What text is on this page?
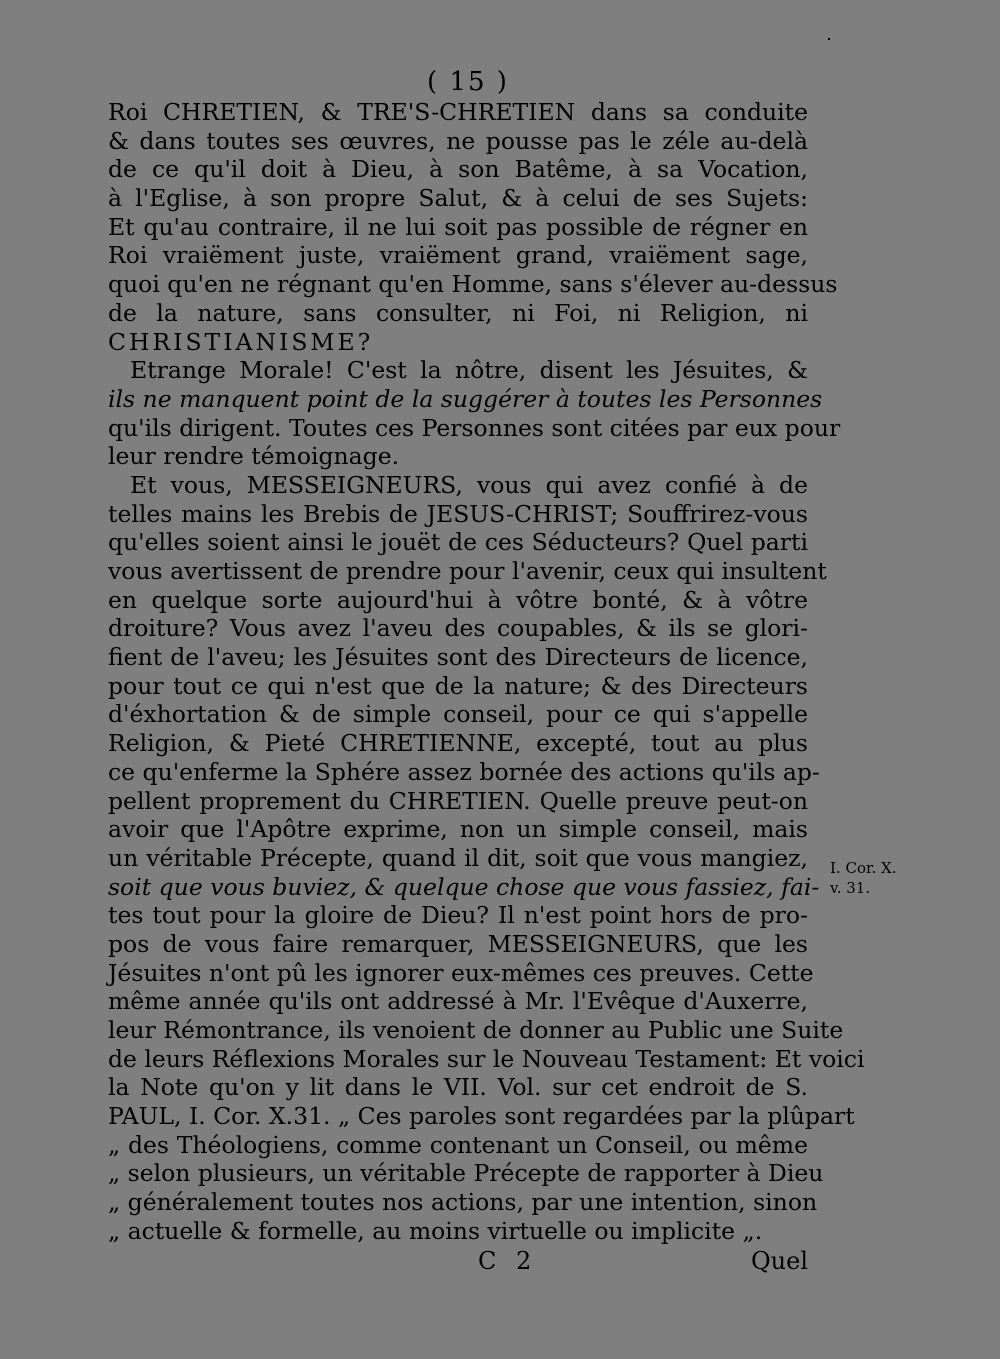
( 15 )
Roi CHRETIEN, & TRE'S-CHRETIEN dans sa conduite
& dans toutes ses œuvres, ne pousse pas le zéle au-delà
de ce qu'il doit à Dieu, à son Batême, à sa Vocation,
à l'Eglise, à son propre Salut, & à celui de ses Sujets:
Et qu'au contraire, il ne lui soit pas possible de régner en
Roi vraiëment juste, vraiëment grand, vraiëment sage,
quoi qu'en ne régnant qu'en Homme, sans s'élever au-dessus
de la nature, sans consulter, ni Foi, ni Religion, ni
CHRISTIANISME?
Etrange Morale! C'est la nôtre, disent les Jésuites, &
ils ne manquent point de la suggérer à toutes les Personnes
qu'ils dirigent. Toutes ces Personnes sont citées par eux pour
leur rendre témoignage.
Et vous, MESSEIGNEURS, vous qui avez confié à de
telles mains les Brebis de JESUS-CHRIST; Souffrirez-vous
qu'elles soient ainsi le jouët de ces Séducteurs? Quel parti
vous avertissent de prendre pour l'avenir, ceux qui insultent
en quelque sorte aujourd'hui à vôtre bonté, & à vôtre
droiture? Vous avez l'aveu des coupables, & ils se glori-
fient de l'aveu; les Jésuites sont des Directeurs de licence,
pour tout ce qui n'est que de la nature; & des Directeurs
d'éxhortation & de simple conseil, pour ce qui s'appelle
Religion, & Pieté CHRETIENNE, excepté, tout au plus
ce qu'enferme la Sphére assez bornée des actions qu'ils ap-
pellent proprement du CHRETIEN. Quelle preuve peut-on
avoir que l'Apôtre exprime, non un simple conseil, mais
un véritable Précepte, quand il dit, soit que vous mangiez,
soit que vous buviez, & quelque chose que vous fassiez, fai-
tes tout pour la gloire de Dieu? Il n'est point hors de pro-
pos de vous faire remarquer, MESSEIGNEURS, que les
Jésuites n'ont pû les ignorer eux-mêmes ces preuves. Cette
même année qu'ils ont addressé à Mr. l'Evêque d'Auxerre,
leur Rémontrance, ils venoient de donner au Public une Suite
de leurs Réflexions Morales sur le Nouveau Testament: Et voici
la Note qu'on y lit dans le VII. Vol. sur cet endroit de S.
PAUL, I. Cor. X.31. „ Ces paroles sont regardées par la plûpart
„ des Théologiens, comme contenant un Conseil, ou même
„ selon plusieurs, un véritable Précepte de rapporter à Dieu
„ généralement toutes nos actions, par une intention, sinon
„ actuelle & formelle, au moins virtuelle ou implicite „.
C 2	Quel
I. Cor. X.
v. 31.
